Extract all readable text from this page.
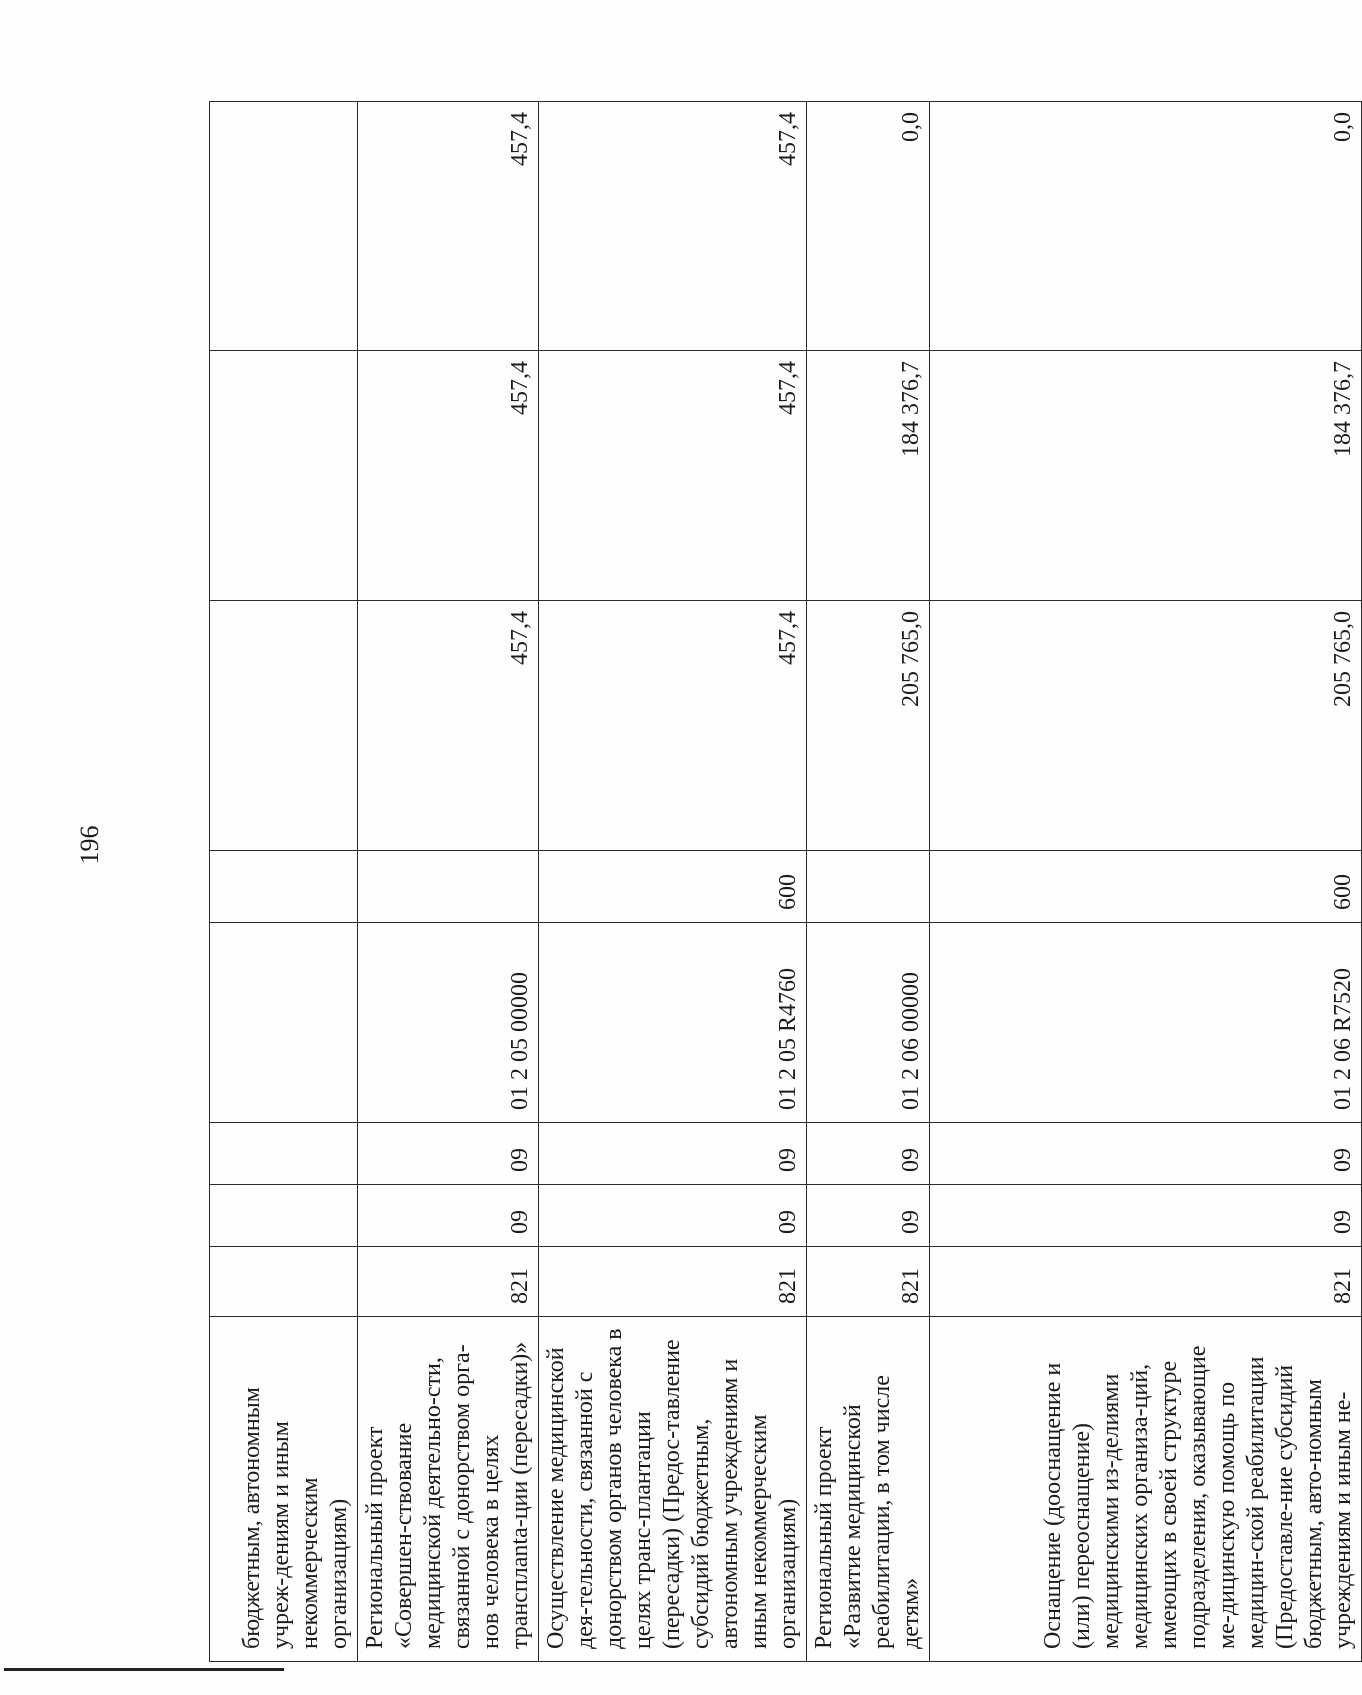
196
бюджетным, автономным учреж-дениям и иным некоммерческим организациям)								
Региональный проект «Совершен-ствование медицинской деятельно-сти, связанной с донорством орга-нов человека в целях трансплanta-ции (пересадки)»	821	09	09	01 2 05 00000		457,4	457,4	457,4
Осуществление медицинской дея-тельности, связанной с донорством органов человека в целях транс-плантации (пересадки) (Предос-тавление субсидий бюджетным, автономным учреждениям и иным некоммерческим организациям)	821	09	09	01 2 05 R4760	600	457,4	457,4	457,4
Региональный проект «Развитие медицинской реабилитации, в том числе детям»	821	09	09	01 2 06 00000		205 765,0	184 376,7	0,0
Оснащение (дооснащение и (или) переоснащение) медицинскими из-делиями медицинских организа-ций, имеющих в своей структуре подразделения, оказывающие ме-дицинскую помощь по медицин-ской реабилитации (Предоставле-ние субсидий бюджетным, авто-номным учреждениям и иным не-	821	09	09	01 2 06 R7520	600	205 765,0	184 376,7	0,0
